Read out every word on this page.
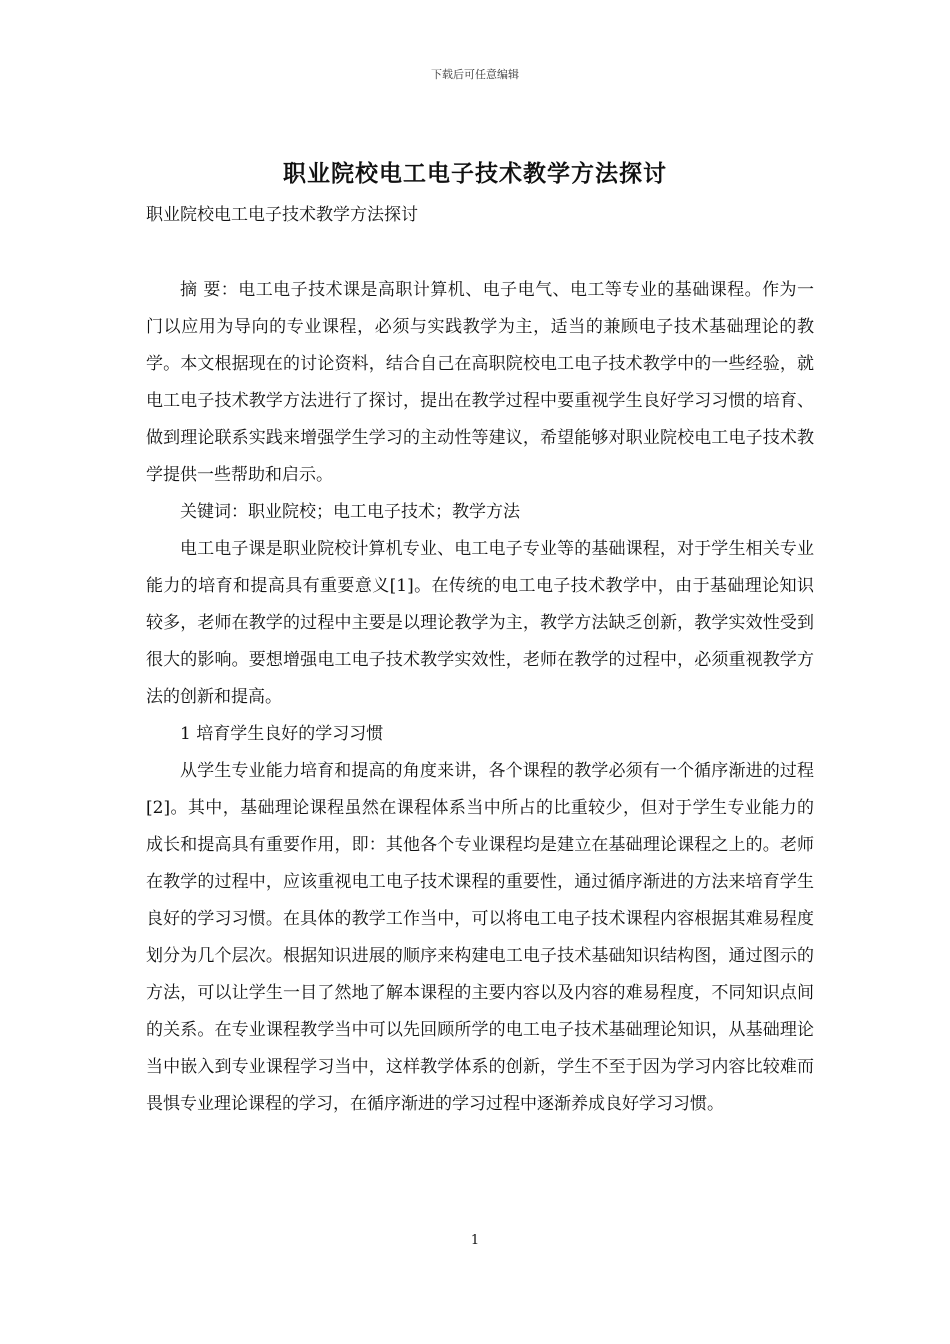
下载后可任意编辑
职业院校电工电子技术教学方法探讨
职业院校电工电子技术教学方法探讨

摘 要：电工电子技术课是高职计算机、电子电气、电工等专业的基础课程。作为一门以应用为导向的专业课程，必须与实践教学为主，适当的兼顾电子技术基础理论的教学。本文根据现在的讨论资料，结合自己在高职院校电工电子技术教学中的一些经验，就电工电子技术教学方法进行了探讨，提出在教学过程中要重视学生良好学习习惯的培育、做到理论联系实践来增强学生学习的主动性等建议，希望能够对职业院校电工电子技术教学提供一些帮助和启示。

关键词：职业院校；电工电子技术；教学方法

电工电子课是职业院校计算机专业、电工电子专业等的基础课程，对于学生相关专业能力的培育和提高具有重要意义[1]。在传统的电工电子技术教学中，由于基础理论知识较多，老师在教学的过程中主要是以理论教学为主，教学方法缺乏创新，教学实效性受到很大的影响。要想增强电工电子技术教学实效性，老师在教学的过程中，必须重视教学方法的创新和提高。

1 培育学生良好的学习习惯

从学生专业能力培育和提高的角度来讲，各个课程的教学必须有一个循序渐进的过程[2]。其中，基础理论课程虽然在课程体系当中所占的比重较少，但对于学生专业能力的成长和提高具有重要作用，即：其他各个专业课程均是建立在基础理论课程之上的。老师在教学的过程中，应该重视电工电子技术课程的重要性，通过循序渐进的方法来培育学生良好的学习习惯。在具体的教学工作当中，可以将电工电子技术课程内容根据其难易程度划分为几个层次。根据知识进展的顺序来构建电工电子技术基础知识结构图，通过图示的方法，可以让学生一目了然地了解本课程的主要内容以及内容的难易程度，不同知识点间的关系。在专业课程教学当中可以先回顾所学的电工电子技术基础理论知识，从基础理论当中嵌入到专业课程学习当中，这样教学体系的创新，学生不至于因为学习内容比较难而畏惧专业理论课程的学习，在循序渐进的学习过程中逐渐养成良好学习习惯。

1
